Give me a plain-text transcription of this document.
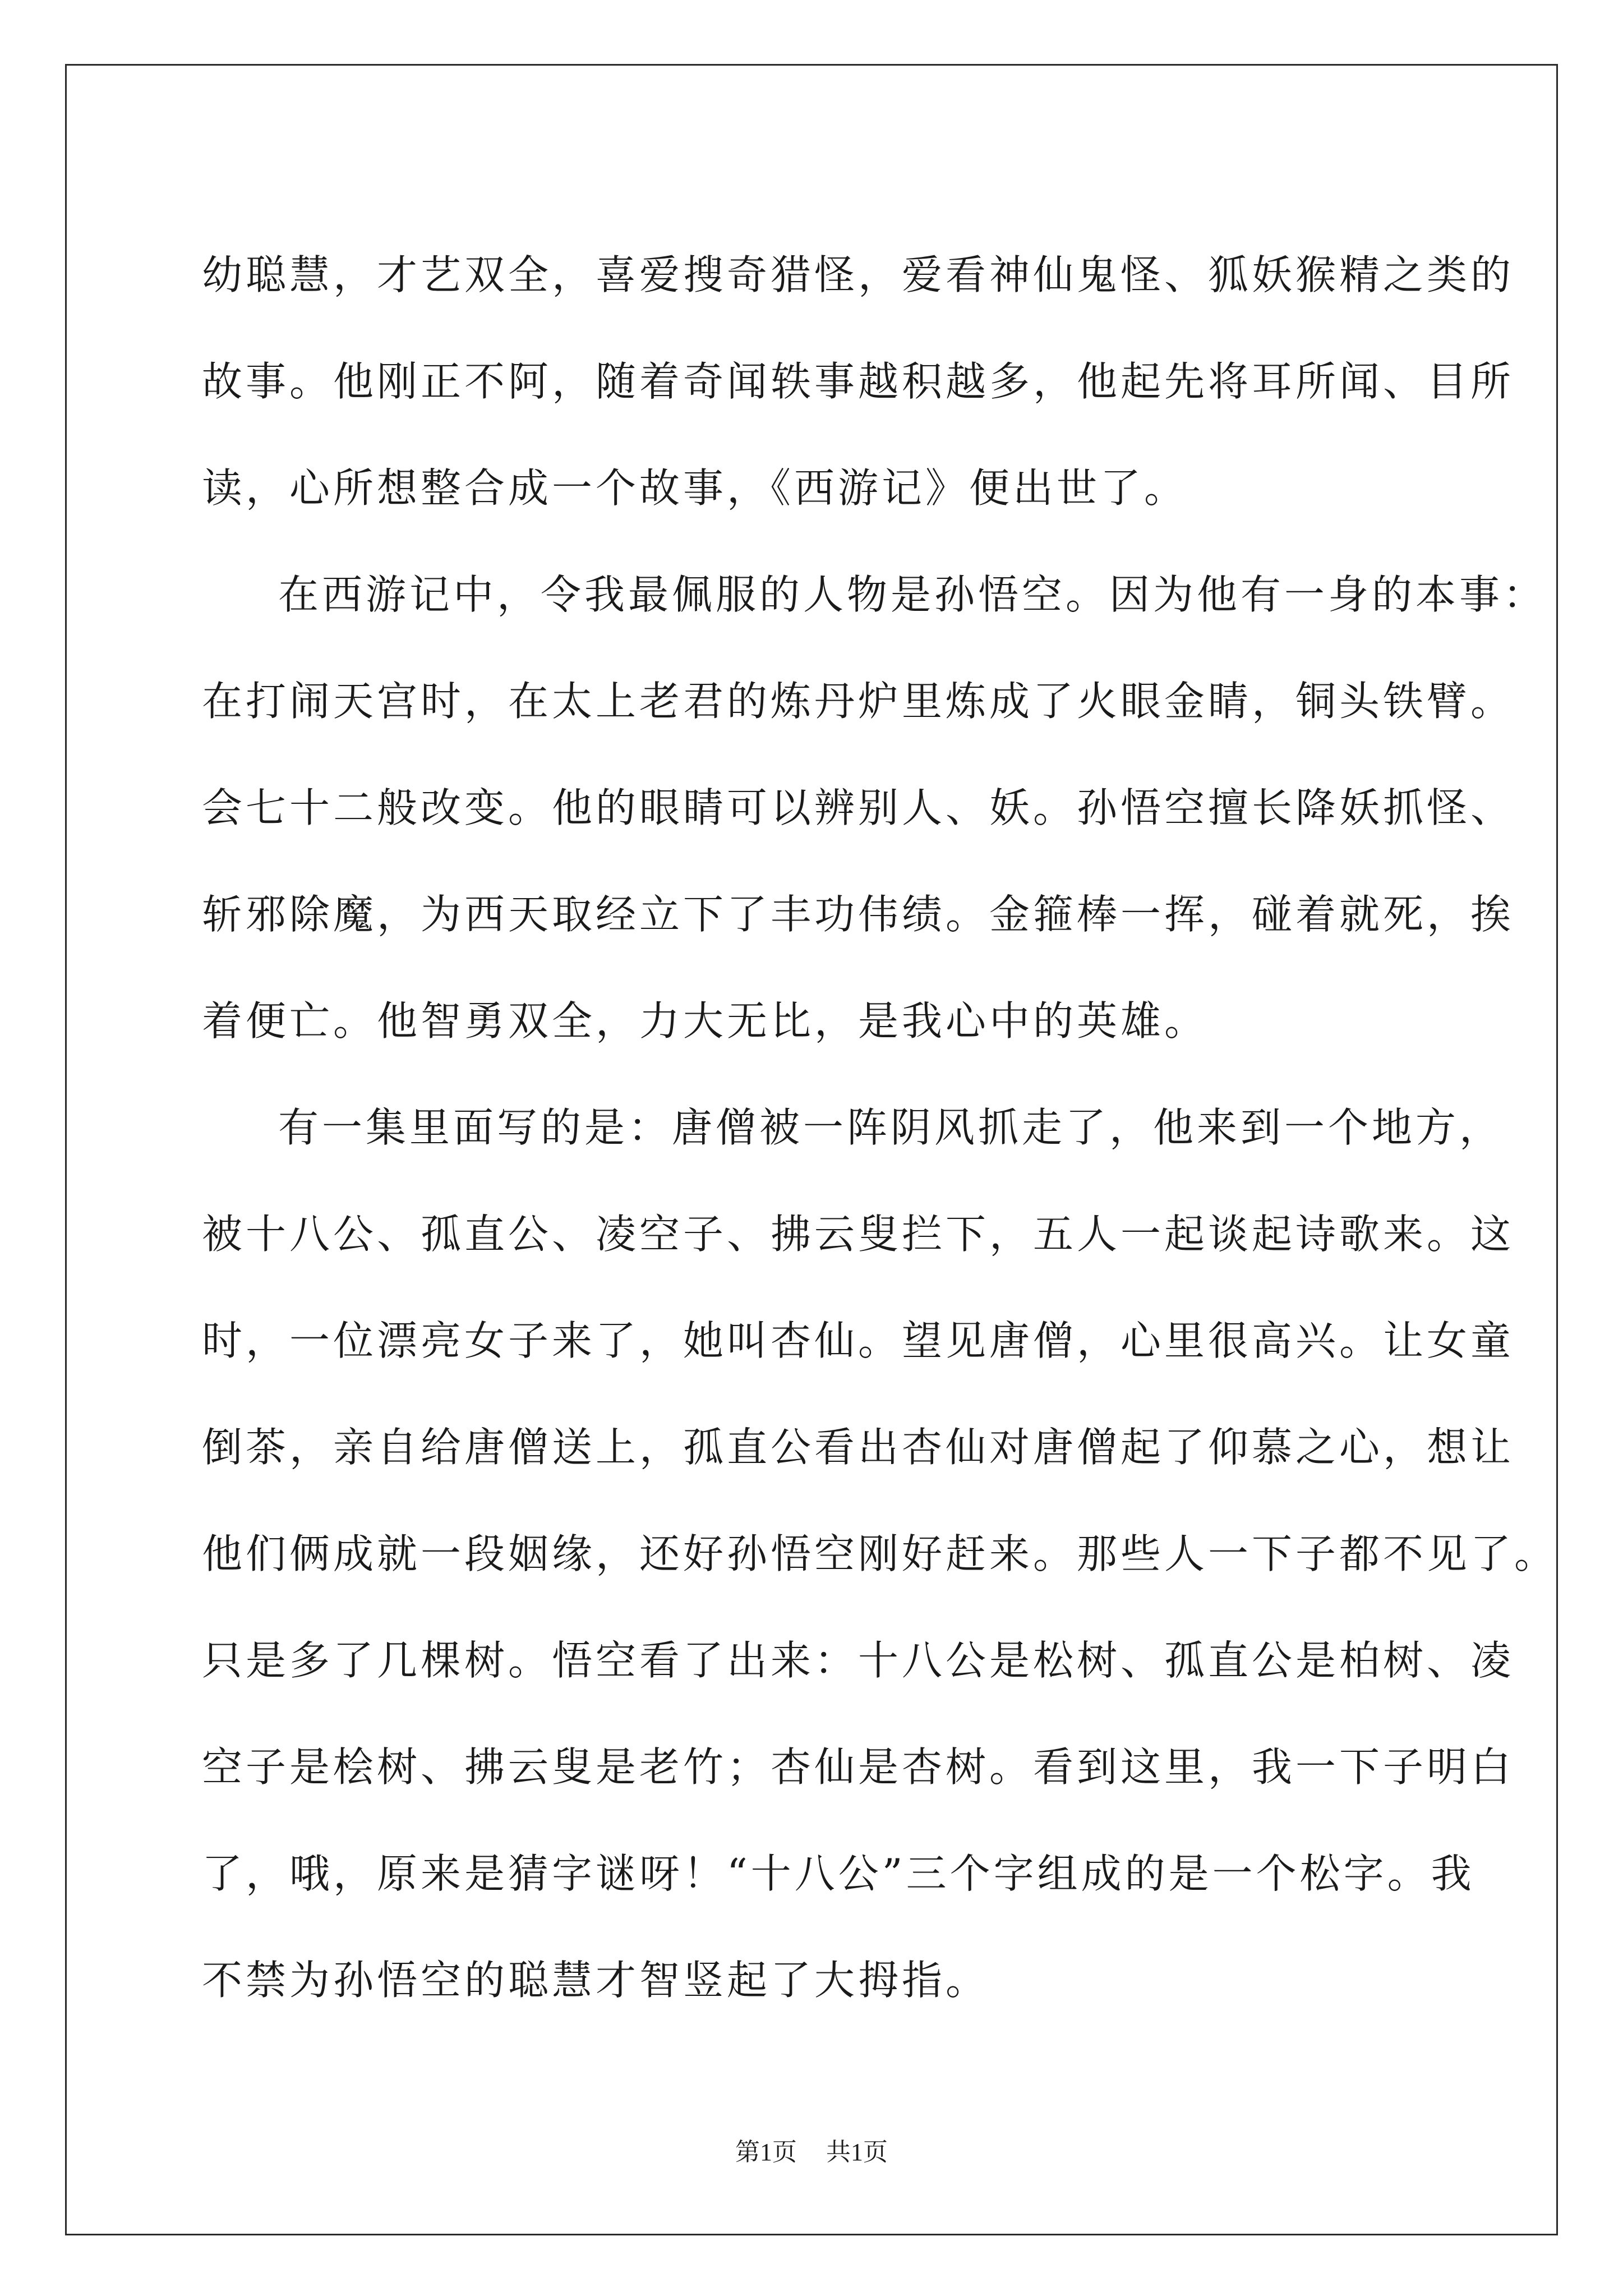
幼聪慧，才艺双全，喜爱搜奇猎怪，爱看神仙鬼怪、狐妖猴精之类的
故事。他刚正不阿，随着奇闻轶事越积越多，他起先将耳所闻、目所
读，心所想整合成一个故事，《西游记》便出世了。
在西游记中，令我最佩服的人物是孙悟空。因为他有一身的本事：
在打闹天宫时，在太上老君的炼丹炉里炼成了火眼金睛，铜头铁臂。
会七十二般改变。他的眼睛可以辨别人、妖。孙悟空擅长降妖抓怪、
斩邪除魔，为西天取经立下了丰功伟绩。金箍棒一挥，碰着就死，挨
着便亡。他智勇双全，力大无比，是我心中的英雄。
有一集里面写的是：唐僧被一阵阴风抓走了，他来到一个地方，
被十八公、孤直公、凌空子、拂云叟拦下，五人一起谈起诗歌来。这
时，一位漂亮女子来了，她叫杏仙。望见唐僧，心里很高兴。让女童
倒茶，亲自给唐僧送上，孤直公看出杏仙对唐僧起了仰慕之心，想让
他们俩成就一段姻缘，还好孙悟空刚好赶来。那些人一下子都不见了。
只是多了几棵树。悟空看了出来：十八公是松树、孤直公是柏树、凌
空子是桧树、拂云叟是老竹；杏仙是杏树。看到这里，我一下子明白
了，哦，原来是猜字谜呀！“十八公”三个字组成的是一个松字。我
不禁为孙悟空的聪慧才智竖起了大拇指。
第1页 共1页
